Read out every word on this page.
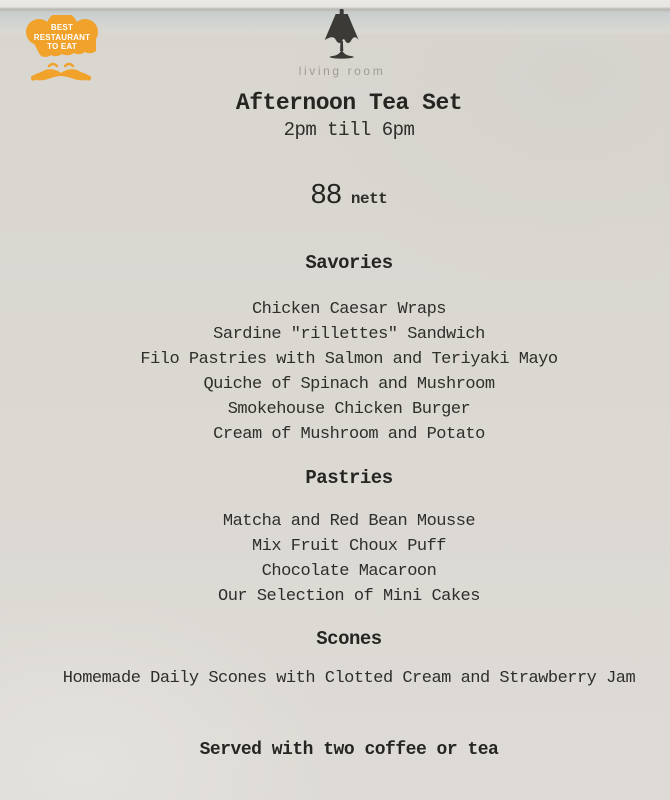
BEST
RESTAURANT
TO EAT
living room
Afternoon Tea Set
2pm till 6pm
88 nett
Savories
Chicken Caesar Wraps
Sardine "rillettes" Sandwich
Filo Pastries with Salmon and Teriyaki Mayo
Quiche of Spinach and Mushroom
Smokehouse Chicken Burger
Cream of Mushroom and Potato
Pastries
Matcha and Red Bean Mousse
Mix Fruit Choux Puff
Chocolate Macaroon
Our Selection of Mini Cakes
Scones
Homemade Daily Scones with Clotted Cream and Strawberry Jam
Served with two coffee or tea
